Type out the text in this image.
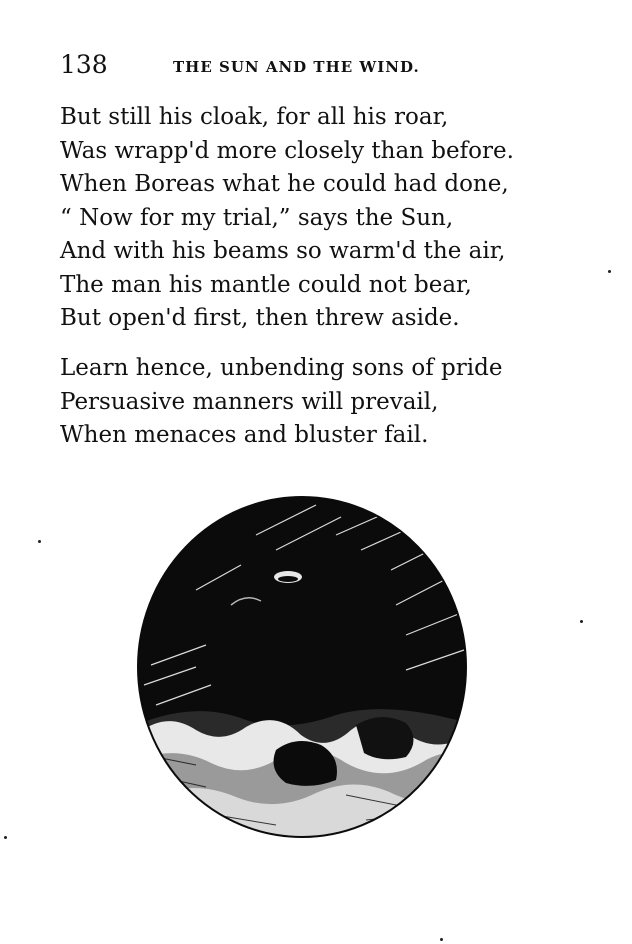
138	THE SUN AND THE WIND.
But still his cloak, for all his roar,
Was wrapp'd more closely than before.
When Boreas what he could had done,
“ Now for my trial,” says the Sun,
And with his beams so warm'd the air,
The man his mantle could not bear,
But open'd first, then threw aside.
Learn hence, unbending sons of pride
Persuasive manners will prevail,
When menaces and bluster fail.
